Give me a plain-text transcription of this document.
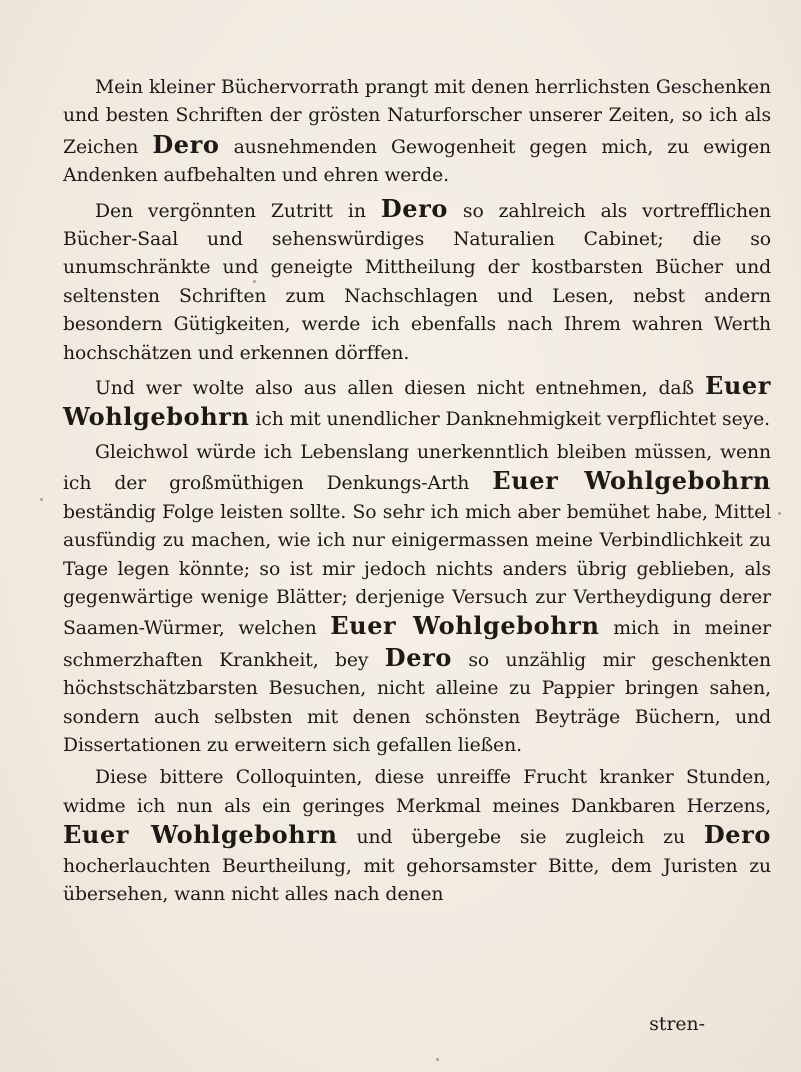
Mein kleiner Büchervorrath prangt mit denen herrlichsten Geschenken und besten Schriften der grösten Naturforscher unserer Zeiten, so ich als Zeichen Dero ausnehmenden Gewogenheit gegen mich, zu ewigen Andenken aufbehalten und ehren werde.

Den vergönnten Zutritt in Dero so zahlreich als vortrefflichen Bücher-Saal und sehenswürdiges Naturalien Cabinet; die so unumschränkte und geneigte Mittheilung der kostbarsten Bücher und seltensten Schriften zum Nachschlagen und Lesen, nebst andern besondern Gütigkeiten, werde ich ebenfalls nach Ihrem wahren Werth hochschätzen und erkennen dörffen.

Und wer wolte also aus allen diesen nicht entnehmen, daß Euer Wohlgebohrn ich mit unendlicher Danknehmigkeit verpflichtet seye.

Gleichwol würde ich Lebenslang unerkenntlich bleiben müssen, wenn ich der großmüthigen Denkungs-Arth Euer Wohlgebohrn beständig Folge leisten sollte. So sehr ich mich aber bemühet habe, Mittel ausfündig zu machen, wie ich nur einigermassen meine Verbindlichkeit zu Tage legen könnte; so ist mir jedoch nichts anders übrig geblieben, als gegenwärtige wenige Blätter; derjenige Versuch zur Vertheydigung derer Saamen-Würmer, welchen Euer Wohlgebohrn mich in meiner schmerzhaften Krankheit, bey Dero so unzählig mir geschenkten höchstschätzbarsten Besuchen, nicht alleine zu Pappier bringen sahen, sondern auch selbsten mit denen schönsten Beyträge Büchern, und Dissertationen zu erweitern sich gefallen ließen.

Diese bittere Colloquinten, diese unreiffe Frucht kranker Stunden, widme ich nun als ein geringes Merkmal meines Dankbaren Herzens, Euer Wohlgebohrn und übergebe sie zugleich zu Dero hocherlauchten Beurtheilung, mit gehorsamster Bitte, dem Juristen zu übersehen, wann nicht alles nach denen

stren-
